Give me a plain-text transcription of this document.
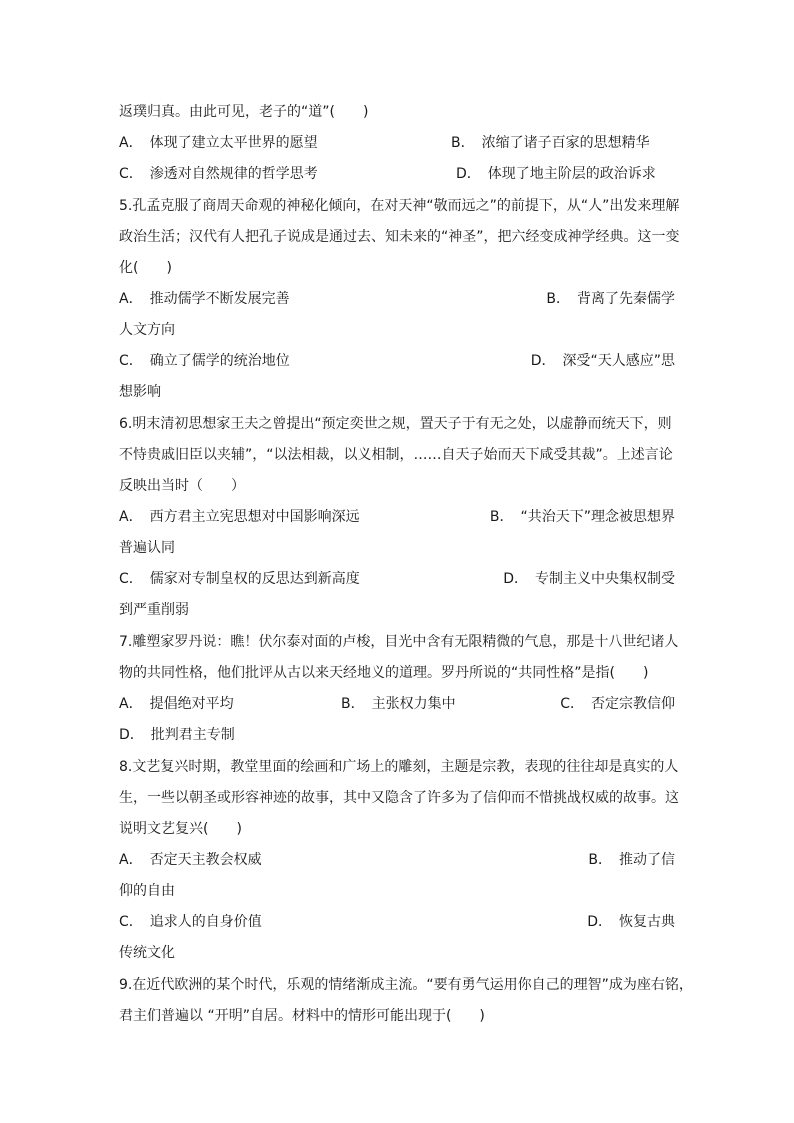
返璞归真。由此可见，老子的“道”(　　)
A．　体现了建立太平世界的愿望	B．　浓缩了诸子百家的思想精华
C．　渗透对自然规律的哲学思考	D．　体现了地主阶层的政治诉求
5.孔孟克服了商周天命观的神秘化倾向，在对天神“敬而远之”的前提下，从“人”出发来理解
政治生活；汉代有人把孔子说成是通过去、知未来的“神圣”，把六经变成神学经典。这一变
化(　　)
A．　推动儒学不断发展完善	B．　背离了先秦儒学
人文方向
C．　确立了儒学的统治地位	D．　深受“天人感应”思
想影响
6.明末清初思想家王夫之曾提出“预定奕世之规，置天子于有无之处，以虚静而统天下，则
不恃贵戚旧臣以夹辅”，“以法相裁，以义相制，……自天子始而天下咸受其裁”。上述言论
反映出当时（　　）
A．　西方君主立宪思想对中国影响深远	B．　“共治天下”理念被思想界
普遍认同
C．　儒家对专制皇权的反思达到新高度	D．　专制主义中央集权制受
到严重削弱
7.雕塑家罗丹说：瞧！伏尔泰对面的卢梭，目光中含有无限精微的气息，那是十八世纪诸人
物的共同性格，他们批评从古以来天经地义的道理。罗丹所说的“共同性格”是指(　　)
A．　提倡绝对平均	B．　主张权力集中	C．　否定宗教信仰
D．　批判君主专制
8.文艺复兴时期，教堂里面的绘画和广场上的雕刻，主题是宗教，表现的往往却是真实的人
生，一些以朝圣或形容神迹的故事，其中又隐含了许多为了信仰而不惜挑战权威的故事。这
说明文艺复兴(　　)
A．　否定天主教会权威	B．　推动了信
仰的自由
C．　追求人的自身价值	D．　恢复古典
传统文化
9.在近代欧洲的某个时代，乐观的情绪渐成主流。“要有勇气运用你自己的理智”成为座右铭，
君主们普遍以 “开明”自居。材料中的情形可能出现于(　　)
